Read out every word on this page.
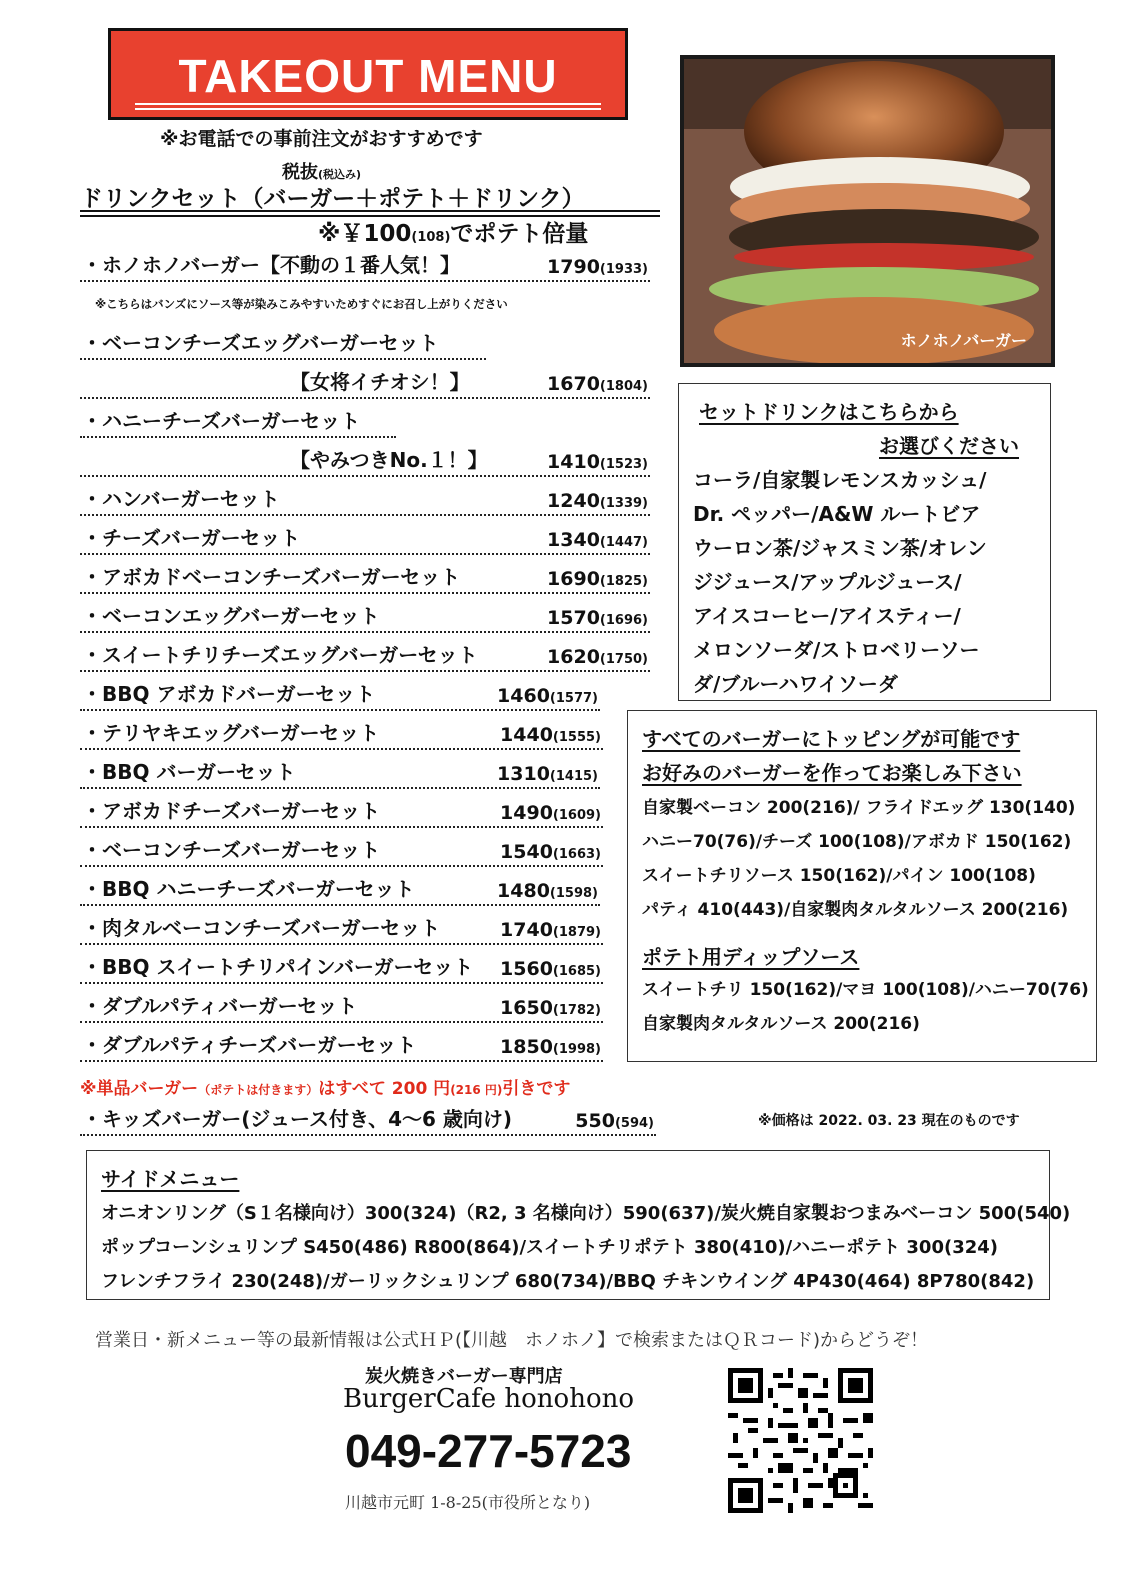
TAKEOUT MENU
※お電話での事前注文がおすすめです
税抜(税込み)
ドリンクセット（バーガー＋ポテト＋ドリンク）
※￥100(108)でポテト倍量
・ホノホノバーガー【不動の１番人気！】	1790(1933)
※こちらはバンズにソース等が染みこみやすいためすぐにお召し上がりください
・ベーコンチーズエッグバーガーセット
【女将イチオシ！】	1670(1804)
・ハニーチーズバーガーセット
【やみつきNo.１！】	1410(1523)
・ハンバーガーセット	1240(1339)
・チーズバーガーセット	1340(1447)
・アボカドベーコンチーズバーガーセット	1690(1825)
・ベーコンエッグバーガーセット	1570(1696)
・スイートチリチーズエッグバーガーセット	1620(1750)
・BBQ アボカドバーガーセット	1460(1577)
・テリヤキエッグバーガーセット	1440(1555)
・BBQ バーガーセット	1310(1415)
・アボカドチーズバーガーセット	1490(1609)
・ベーコンチーズバーガーセット	1540(1663)
・BBQ ハニーチーズバーガーセット	1480(1598)
・肉タルベーコンチーズバーガーセット	1740(1879)
・BBQ スイートチリパインバーガーセット 1560(1685)
・ダブルパティバーガーセット	1650(1782)
・ダブルパティチーズバーガーセット	1850(1998)
※単品バーガー（ポテトは付きます）はすべて 200 円(216 円)引きです
・キッズバーガー(ジュース付き、4～6 歳向け)	550(594)	※価格は 2022. 03. 23 現在のものです
ホノホノバーガー
セットドリンクはこちらから
お選びください
コーラ/自家製レモンスカッシュ/
Dr. ペッパー/A&W ルートビア
ウーロン茶/ジャスミン茶/オレン
ジジュース/アップルジュース/
アイスコーヒー/アイスティー/
メロンソーダ/ストロベリーソー
ダ/ブルーハワイソーダ
すべてのバーガーにトッピングが可能です
お好みのバーガーを作ってお楽しみ下さい
自家製ベーコン 200(216)/ フライドエッグ 130(140)
ハニー70(76)/チーズ 100(108)/アボカド 150(162)
スイートチリソース 150(162)/パイン 100(108)
パティ 410(443)/自家製肉タルタルソース 200(216)
ポテト用ディップソース
スイートチリ 150(162)/マヨ 100(108)/ハニー70(76)
自家製肉タルタルソース 200(216)
サイドメニュー
オニオンリング（S１名様向け）300(324)（R2, 3 名様向け）590(637)/炭火焼自家製おつまみベーコン 500(540)
ポップコーンシュリンプ S450(486) R800(864)/スイートチリポテト 380(410)/ハニーポテト 300(324)
フレンチフライ 230(248)/ガーリックシュリンプ 680(734)/BBQ チキンウイング 4P430(464) 8P780(842)
営業日・新メニュー等の最新情報は公式ＨＰ(【川越　ホノホノ】で検索またはＱＲコード)からどうぞ！
炭火焼きバーガー専門店
BurgerCafe honohono
049-277-5723
川越市元町 1-8-25(市役所となり)
